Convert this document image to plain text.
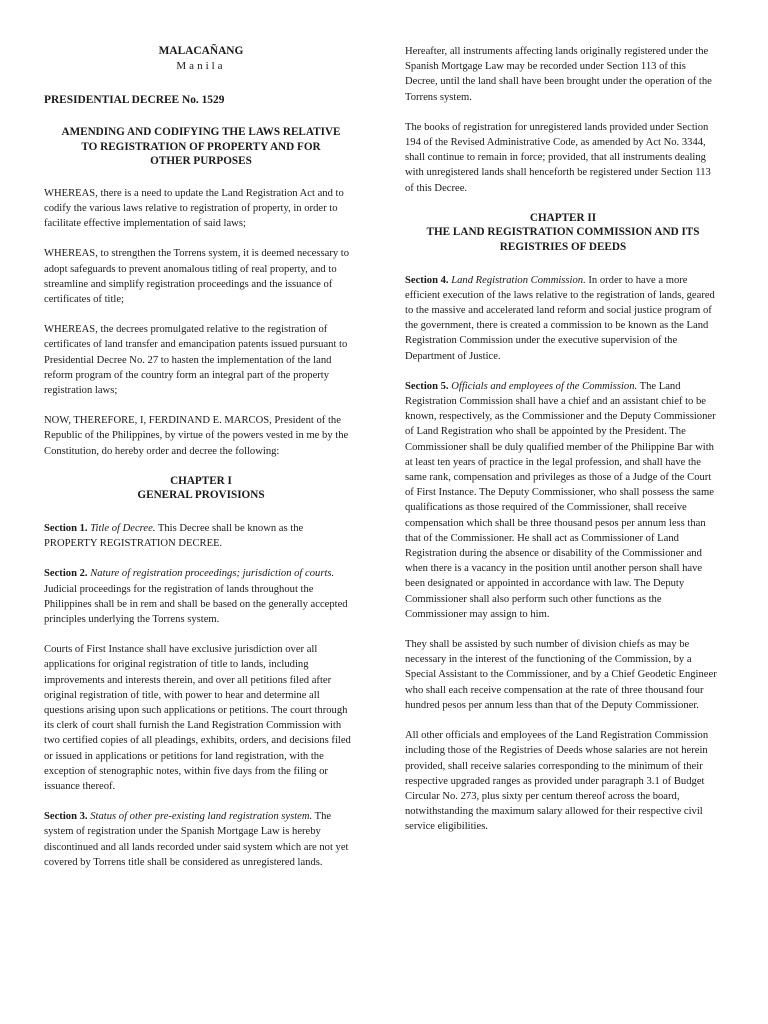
MALACAÑANG

Manila

PRESIDENTIAL DECREE No. 1529

AMENDING AND CODIFYING THE LAWS RELATIVE
TO REGISTRATION OF PROPERTY AND FOR
OTHER PURPOSES

WHEREAS, there is a need to update the Land Registration Act and to codify the various laws relative to registration of property, in order to facilitate effective implementation of said laws;

WHEREAS, to strengthen the Torrens system, it is deemed necessary to adopt safeguards to prevent anomalous titling of real property, and to streamline and simplify registration proceedings and the issuance of certificates of title;

WHEREAS, the decrees promulgated relative to the registration of certificates of land transfer and emancipation patents issued pursuant to Presidential Decree No. 27 to hasten the implementation of the land reform program of the country form an integral part of the property registration laws;

NOW, THEREFORE, I, FERDINAND E. MARCOS, President of the Republic of the Philippines, by virtue of the powers vested in me by the Constitution, do hereby order and decree the following:

CHAPTER I
GENERAL PROVISIONS

Section 1. Title of Decree. This Decree shall be known as the PROPERTY REGISTRATION DECREE.

Section 2. Nature of registration proceedings; jurisdiction of courts. Judicial proceedings for the registration of lands throughout the Philippines shall be in rem and shall be based on the generally accepted principles underlying the Torrens system.

Courts of First Instance shall have exclusive jurisdiction over all applications for original registration of title to lands, including improvements and interests therein, and over all petitions filed after original registration of title, with power to hear and determine all questions arising upon such applications or petitions. The court through its clerk of court shall furnish the Land Registration Commission with two certified copies of all pleadings, exhibits, orders, and decisions filed or issued in applications or petitions for land registration, with the exception of stenographic notes, within five days from the filing or issuance thereof.

Section 3. Status of other pre-existing land registration system. The system of registration under the Spanish Mortgage Law is hereby discontinued and all lands recorded under said system which are not yet covered by Torrens title shall be considered as unregistered lands.

Hereafter, all instruments affecting lands originally registered under the Spanish Mortgage Law may be recorded under Section 113 of this Decree, until the land shall have been brought under the operation of the Torrens system.

The books of registration for unregistered lands provided under Section 194 of the Revised Administrative Code, as amended by Act No. 3344, shall continue to remain in force; provided, that all instruments dealing with unregistered lands shall henceforth be registered under Section 113 of this Decree.

CHAPTER II
THE LAND REGISTRATION COMMISSION AND ITS
REGISTRIES OF DEEDS

Section 4. Land Registration Commission. In order to have a more efficient execution of the laws relative to the registration of lands, geared to the massive and accelerated land reform and social justice program of the government, there is created a commission to be known as the Land Registration Commission under the executive supervision of the Department of Justice.

Section 5. Officials and employees of the Commission. The Land Registration Commission shall have a chief and an assistant chief to be known, respectively, as the Commissioner and the Deputy Commissioner of Land Registration who shall be appointed by the President. The Commissioner shall be duly qualified member of the Philippine Bar with at least ten years of practice in the legal profession, and shall have the same rank, compensation and privileges as those of a Judge of the Court of First Instance. The Deputy Commissioner, who shall possess the same qualifications as those required of the Commissioner, shall receive compensation which shall be three thousand pesos per annum less than that of the Commissioner. He shall act as Commissioner of Land Registration during the absence or disability of the Commissioner and when there is a vacancy in the position until another person shall have been designated or appointed in accordance with law. The Deputy Commissioner shall also perform such other functions as the Commissioner may assign to him.

They shall be assisted by such number of division chiefs as may be necessary in the interest of the functioning of the Commission, by a Special Assistant to the Commissioner, and by a Chief Geodetic Engineer who shall each receive compensation at the rate of three thousand four hundred pesos per annum less than that of the Deputy Commissioner.

All other officials and employees of the Land Registration Commission including those of the Registries of Deeds whose salaries are not herein provided, shall receive salaries corresponding to the minimum of their respective upgraded ranges as provided under paragraph 3.1 of Budget Circular No. 273, plus sixty per centum thereof across the board, notwithstanding the maximum salary allowed for their respective civil service eligibilities.
